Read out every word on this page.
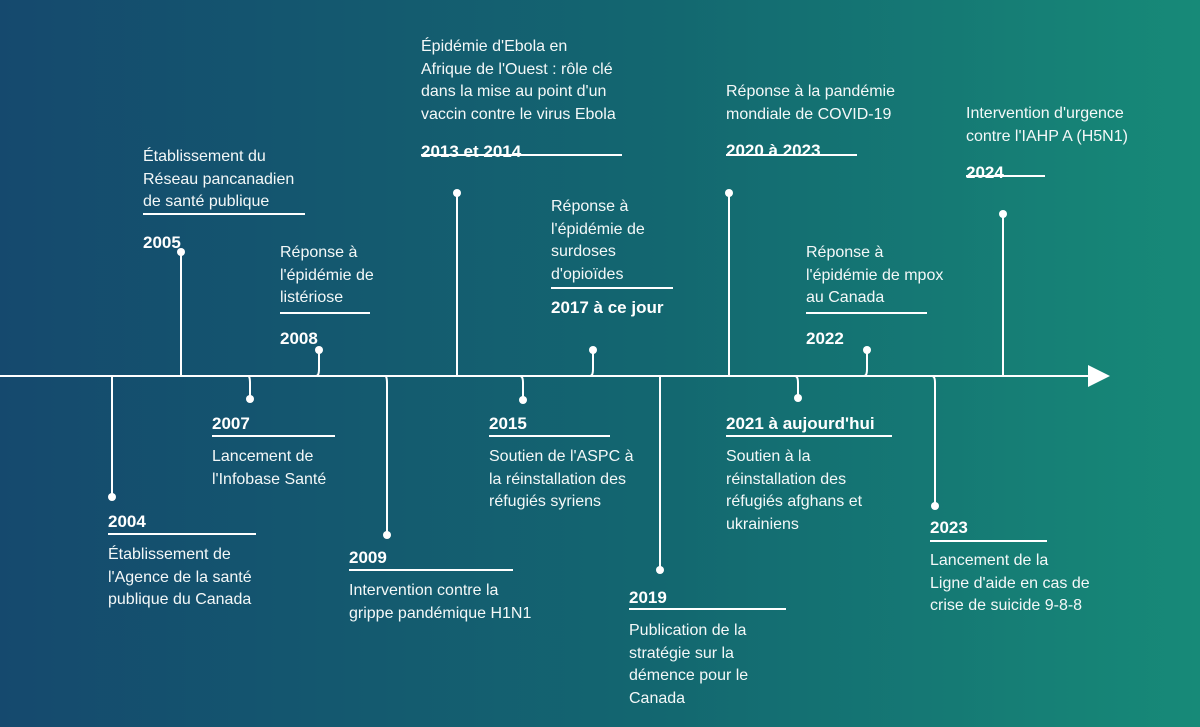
Établissement du Réseau pancanadien de santé publique
2005
Réponse à l'épidémie de listériose
2008
Épidémie d'Ebola en Afrique de l'Ouest : rôle clé dans la mise au point d'un vaccin contre le virus Ebola
2013 et 2014
Réponse à l'épidémie de surdoses d'opioïdes
2017 à ce jour
Réponse à la pandémie mondiale de COVID-19
2020 à 2023
Réponse à l'épidémie de mpox au Canada
2022
Intervention d'urgence contre l'IAHP A (H5N1)
2024
2004
Établissement de l'Agence de la santé publique du Canada
2007
Lancement de l'Infobase Santé
2009
Intervention contre la grippe pandémique H1N1
2015
Soutien de l'ASPC à la réinstallation des réfugiés syriens
2019
Publication de la stratégie sur la démence pour le Canada
2021 à aujourd'hui
Soutien à la réinstallation des réfugiés afghans et ukrainiens	2023
Lancement de la Ligne d'aide en cas de crise de suicide 9-8-8
